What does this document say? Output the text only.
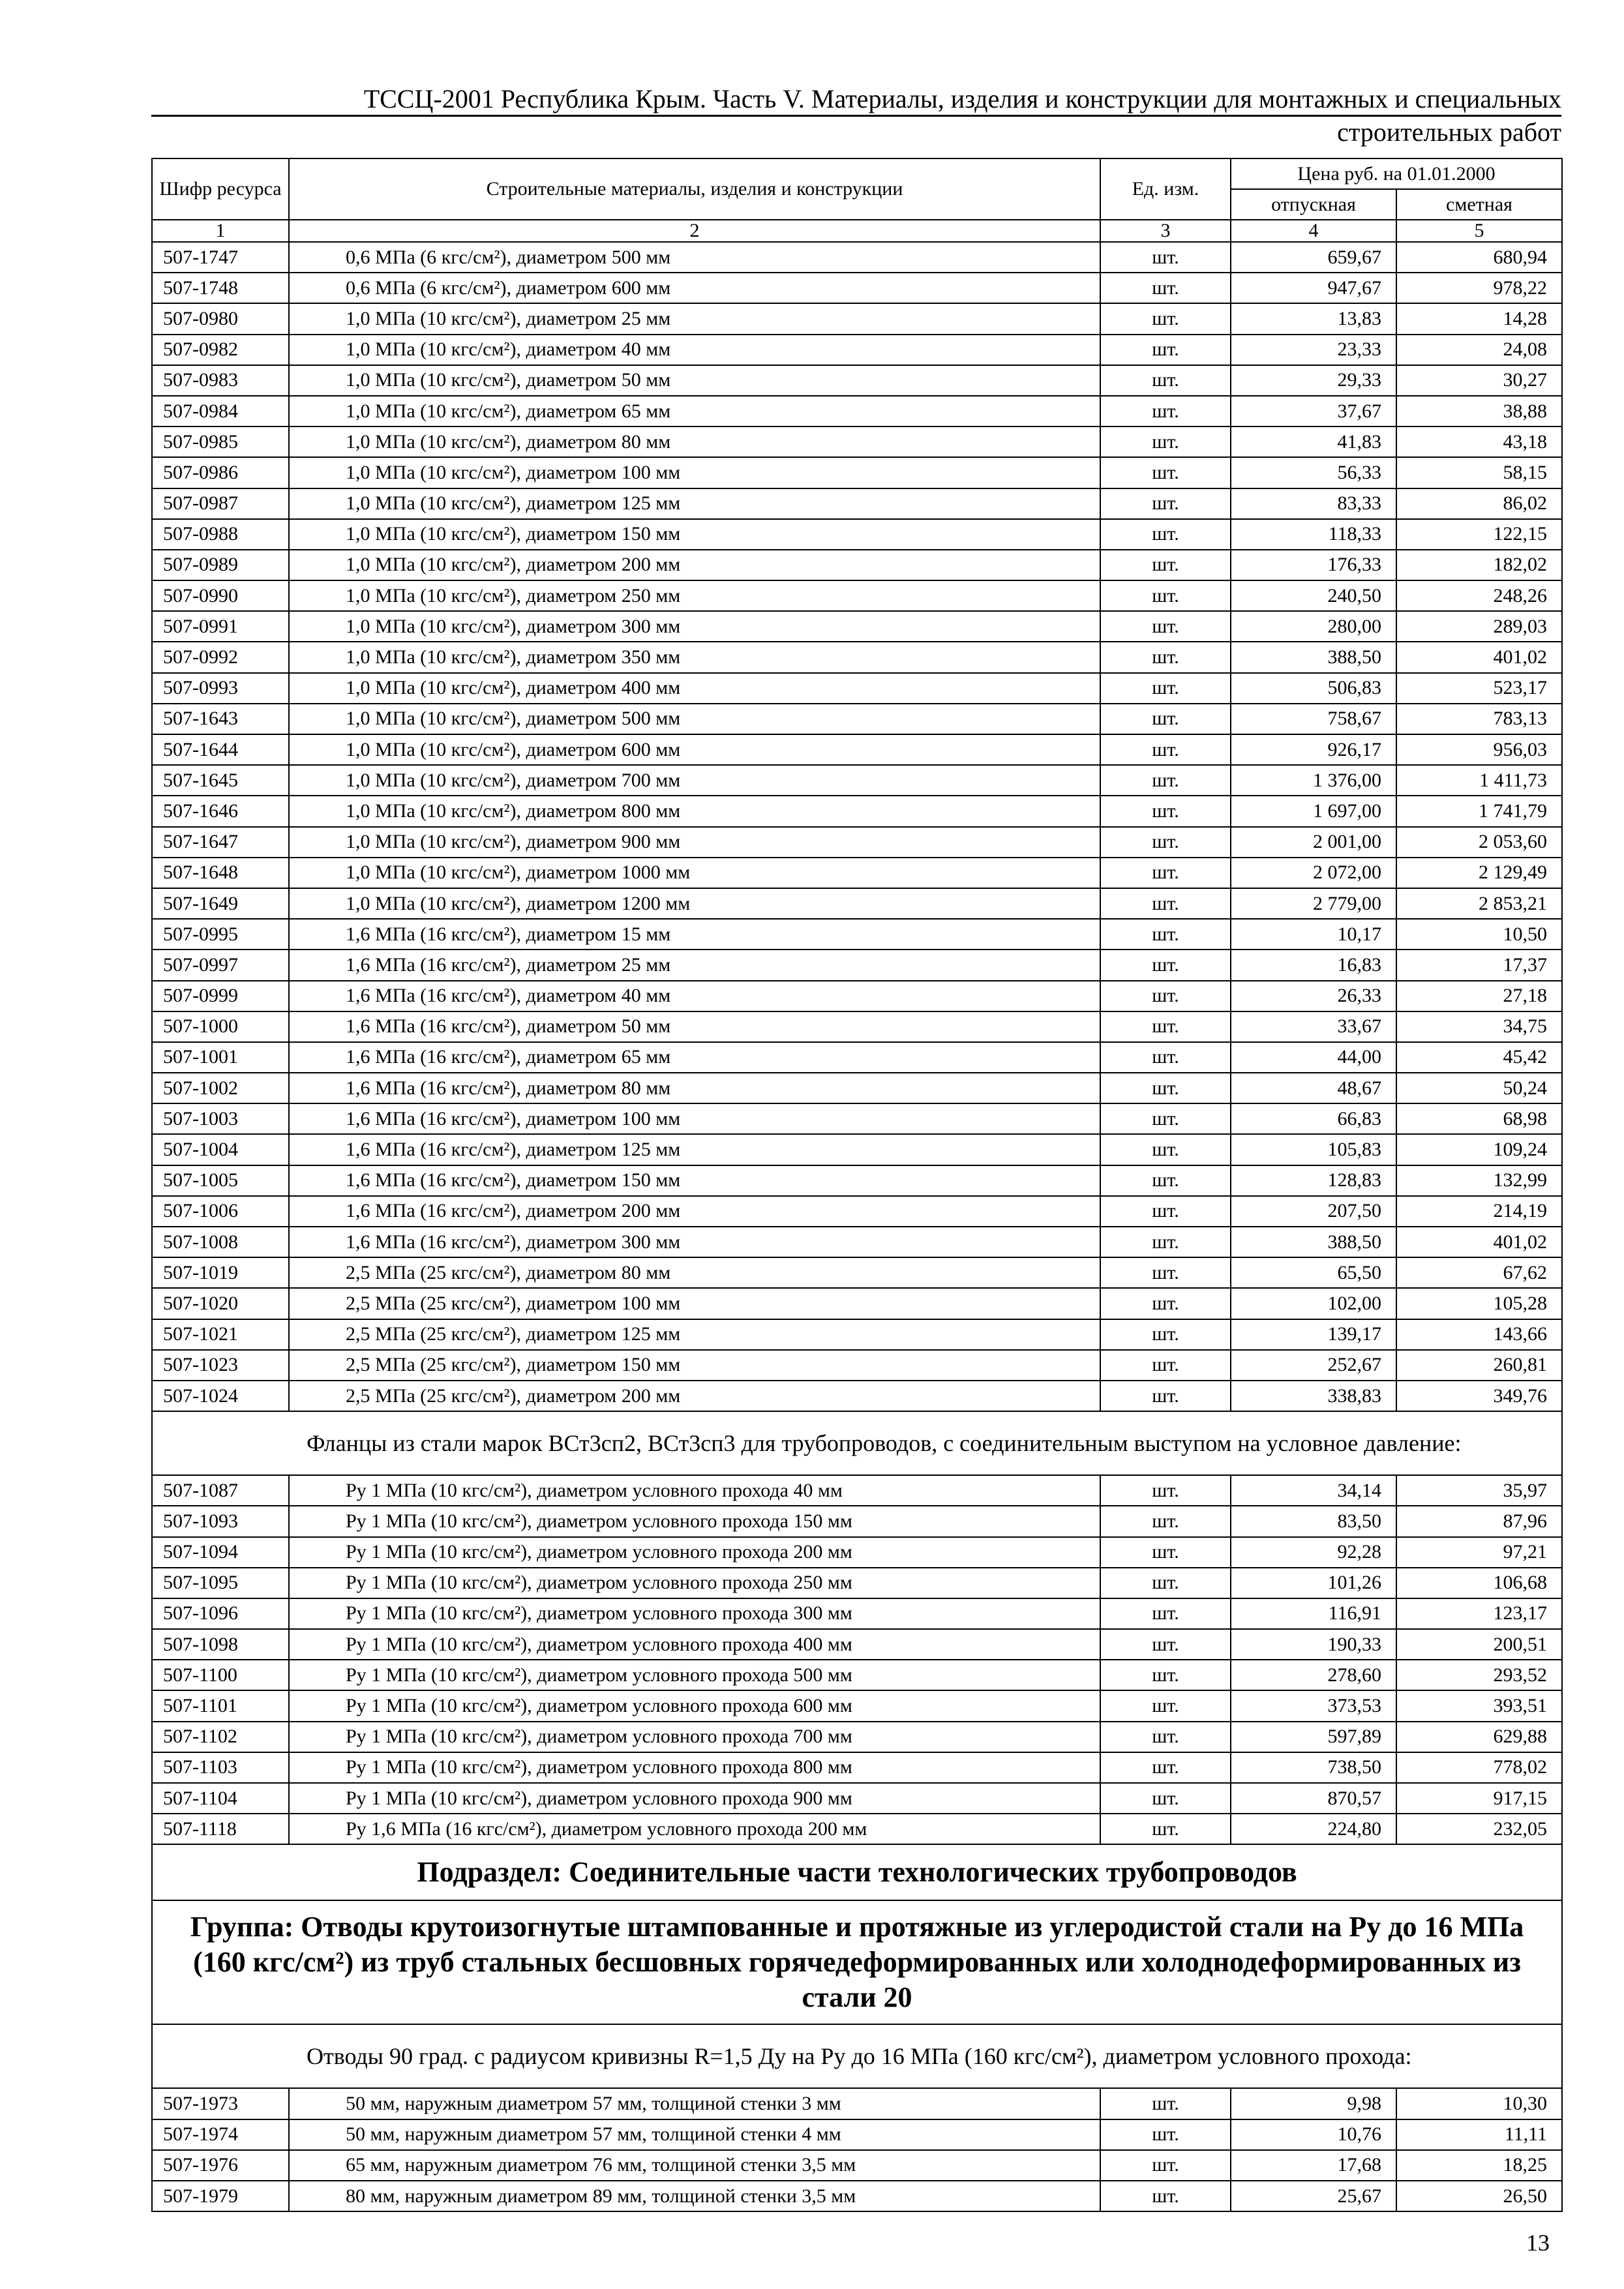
ТССЦ-2001 Республика Крым. Часть V. Материалы, изделия и конструкции для монтажных и специальных
строительных работ
Шифр ресурса	Строительные материалы, изделия и конструкции	Ед. изм.	Цена руб. на 01.01.2000	
			отпускная	сметная
1	2	3	4	5
507-1747	0,6 МПа (6 кгс/см²), диаметром 500 мм	шт.	659,67	680,94
507-1748	0,6 МПа (6 кгс/см²), диаметром 600 мм	шт.	947,67	978,22
507-0980	1,0 МПа (10 кгс/см²), диаметром 25 мм	шт.	13,83	14,28
507-0982	1,0 МПа (10 кгс/см²), диаметром 40 мм	шт.	23,33	24,08
507-0983	1,0 МПа (10 кгс/см²), диаметром 50 мм	шт.	29,33	30,27
507-0984	1,0 МПа (10 кгс/см²), диаметром 65 мм	шт.	37,67	38,88
507-0985	1,0 МПа (10 кгс/см²), диаметром 80 мм	шт.	41,83	43,18
507-0986	1,0 МПа (10 кгс/см²), диаметром 100 мм	шт.	56,33	58,15
507-0987	1,0 МПа (10 кгс/см²), диаметром 125 мм	шт.	83,33	86,02
507-0988	1,0 МПа (10 кгс/см²), диаметром 150 мм	шт.	118,33	122,15
507-0989	1,0 МПа (10 кгс/см²), диаметром 200 мм	шт.	176,33	182,02
507-0990	1,0 МПа (10 кгс/см²), диаметром 250 мм	шт.	240,50	248,26
507-0991	1,0 МПа (10 кгс/см²), диаметром 300 мм	шт.	280,00	289,03
507-0992	1,0 МПа (10 кгс/см²), диаметром 350 мм	шт.	388,50	401,02
507-0993	1,0 МПа (10 кгс/см²), диаметром 400 мм	шт.	506,83	523,17
507-1643	1,0 МПа (10 кгс/см²), диаметром 500 мм	шт.	758,67	783,13
507-1644	1,0 МПа (10 кгс/см²), диаметром 600 мм	шт.	926,17	956,03
507-1645	1,0 МПа (10 кгс/см²), диаметром 700 мм	шт.	1 376,00	1 411,73
507-1646	1,0 МПа (10 кгс/см²), диаметром 800 мм	шт.	1 697,00	1 741,79
507-1647	1,0 МПа (10 кгс/см²), диаметром 900 мм	шт.	2 001,00	2 053,60
507-1648	1,0 МПа (10 кгс/см²), диаметром 1000 мм	шт.	2 072,00	2 129,49
507-1649	1,0 МПа (10 кгс/см²), диаметром 1200 мм	шт.	2 779,00	2 853,21
507-0995	1,6 МПа (16 кгс/см²), диаметром 15 мм	шт.	10,17	10,50
507-0997	1,6 МПа (16 кгс/см²), диаметром 25 мм	шт.	16,83	17,37
507-0999	1,6 МПа (16 кгс/см²), диаметром 40 мм	шт.	26,33	27,18
507-1000	1,6 МПа (16 кгс/см²), диаметром 50 мм	шт.	33,67	34,75
507-1001	1,6 МПа (16 кгс/см²), диаметром 65 мм	шт.	44,00	45,42
507-1002	1,6 МПа (16 кгс/см²), диаметром 80 мм	шт.	48,67	50,24
507-1003	1,6 МПа (16 кгс/см²), диаметром 100 мм	шт.	66,83	68,98
507-1004	1,6 МПа (16 кгс/см²), диаметром 125 мм	шт.	105,83	109,24
507-1005	1,6 МПа (16 кгс/см²), диаметром 150 мм	шт.	128,83	132,99
507-1006	1,6 МПа (16 кгс/см²), диаметром 200 мм	шт.	207,50	214,19
507-1008	1,6 МПа (16 кгс/см²), диаметром 300 мм	шт.	388,50	401,02
507-1019	2,5 МПа (25 кгс/см²), диаметром 80 мм	шт.	65,50	67,62
507-1020	2,5 МПа (25 кгс/см²), диаметром 100 мм	шт.	102,00	105,28
507-1021	2,5 МПа (25 кгс/см²), диаметром 125 мм	шт.	139,17	143,66
507-1023	2,5 МПа (25 кгс/см²), диаметром 150 мм	шт.	252,67	260,81
507-1024	2,5 МПа (25 кгс/см²), диаметром 200 мм	шт.	338,83	349,76
Фланцы из стали марок ВСт3сп2, ВСт3сп3 для трубопроводов, с соединительным выступом на условное давление:				
507-1087	Ру 1 МПа (10 кгс/см²), диаметром условного прохода 40 мм	шт.	34,14	35,97
507-1093	Ру 1 МПа (10 кгс/см²), диаметром условного прохода 150 мм	шт.	83,50	87,96
507-1094	Ру 1 МПа (10 кгс/см²), диаметром условного прохода 200 мм	шт.	92,28	97,21
507-1095	Ру 1 МПа (10 кгс/см²), диаметром условного прохода 250 мм	шт.	101,26	106,68
507-1096	Ру 1 МПа (10 кгс/см²), диаметром условного прохода 300 мм	шт.	116,91	123,17
507-1098	Ру 1 МПа (10 кгс/см²), диаметром условного прохода 400 мм	шт.	190,33	200,51
507-1100	Ру 1 МПа (10 кгс/см²), диаметром условного прохода 500 мм	шт.	278,60	293,52
507-1101	Ру 1 МПа (10 кгс/см²), диаметром условного прохода 600 мм	шт.	373,53	393,51
507-1102	Ру 1 МПа (10 кгс/см²), диаметром условного прохода 700 мм	шт.	597,89	629,88
507-1103	Ру 1 МПа (10 кгс/см²), диаметром условного прохода 800 мм	шт.	738,50	778,02
507-1104	Ру 1 МПа (10 кгс/см²), диаметром условного прохода 900 мм	шт.	870,57	917,15
507-1118	Ру 1,6 МПа (16 кгс/см²), диаметром условного прохода 200 мм	шт.	224,80	232,05
Подраздел: Соединительные части технологических трубопроводов				
Группа: Отводы крутоизогнутые штампованные и протяжные из углеродистой стали на Ру до 16 МПа (160 кгс/см²) из труб стальных бесшовных горячедеформированных или холоднодеформированных из стали 20				
Отводы 90 град. с радиусом кривизны R=1,5 Ду на Ру до 16 МПа (160 кгс/см²), диаметром условного прохода:				
507-1973	50 мм, наружным диаметром 57 мм, толщиной стенки 3 мм	шт.	9,98	10,30
507-1974	50 мм, наружным диаметром 57 мм, толщиной стенки 4 мм	шт.	10,76	11,11
507-1976	65 мм, наружным диаметром 76 мм, толщиной стенки 3,5 мм	шт.	17,68	18,25
507-1979	80 мм, наружным диаметром 89 мм, толщиной стенки 3,5 мм	шт.	25,67	26,50
13
